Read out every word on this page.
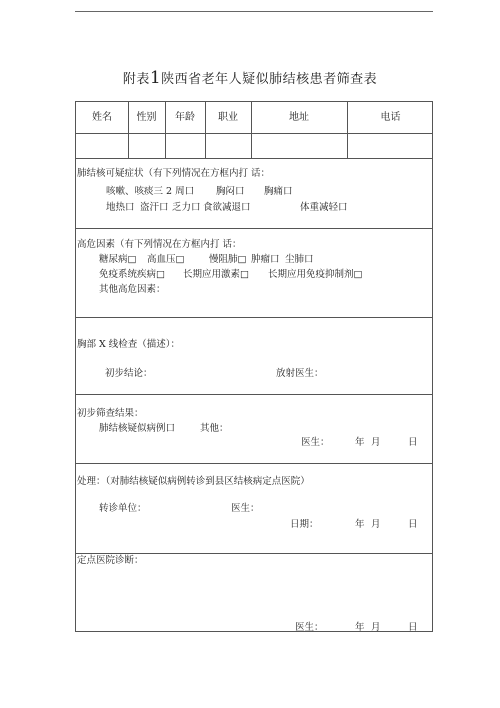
附表1陕西省老年人疑似肺结核患者筛查表
姓名	性别	年龄	职业	地址	电话
肺结核可疑症状（有下列情况在方框内打 话：
咳嗽、咳痰三 2 周口 胸闷口 胸痛口
地热口 盗汗口 乏力口 食欲减退口	体重减轻口
高危因素（有下列情况在方框内打 话：
糖尿病□ 高血压□	慢阻肺□ 肿瘤口 尘肺口
免疫系统疾病□ 长期应用激素□ 长期应用免疫抑制剂□
其他高危因素：
胸部 X 线检查（描述）：
初步结论：	放射医生：
初步筛查结果：
肺结核疑似病例口	其他：
医生：	年 月	日
处理：（对肺结核疑似病例转诊到县区结核病定点医院）
转诊单位：	医生：
日期：	年 月	日
定点医院诊断：
医生：	年 月	日
